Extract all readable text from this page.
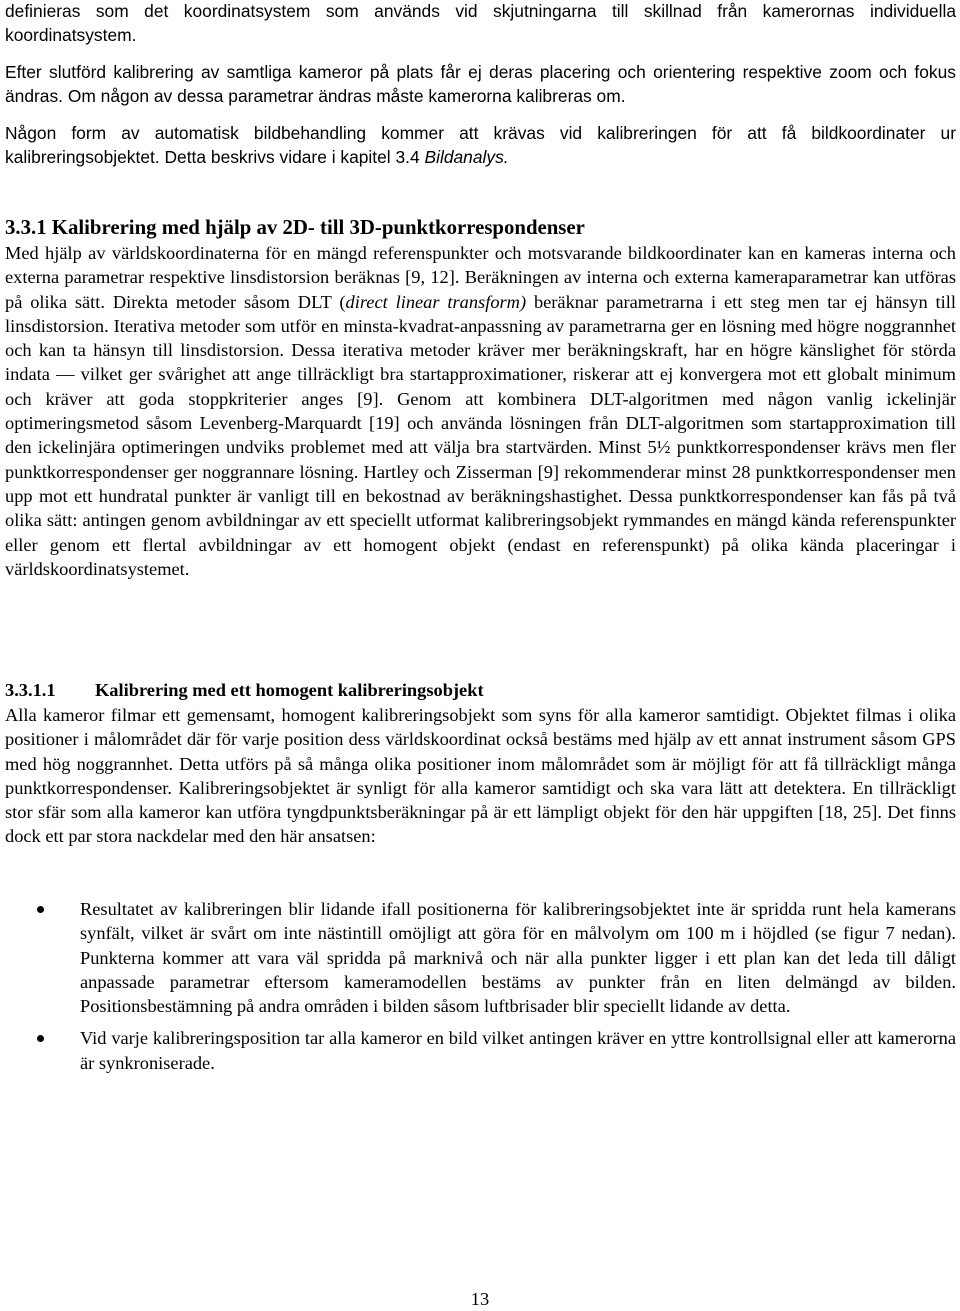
definieras som det koordinatsystem som används vid skjutningarna till skillnad från kamerornas individuella koordinatsystem.

Efter slutförd kalibrering av samtliga kameror på plats får ej deras placering och orientering respektive zoom och fokus ändras. Om någon av dessa parametrar ändras måste kamerorna kalibreras om.

Någon form av automatisk bildbehandling kommer att krävas vid kalibreringen för att få bildkoordinater ur kalibreringsobjektet. Detta beskrivs vidare i kapitel 3.4 Bildanalys.

3.3.1 Kalibrering med hjälp av 2D- till 3D-punktkorrespondenser

Med hjälp av världskoordinaterna för en mängd referenspunkter och motsvarande bildkoordinater kan en kameras interna och externa parametrar respektive linsdistorsion beräknas [9, 12]. Beräkningen av interna och externa kameraparametrar kan utföras på olika sätt. Direkta metoder såsom DLT (direct linear transform) beräknar parametrarna i ett steg men tar ej hänsyn till linsdistorsion. Iterativa metoder som utför en minsta-kvadrat-anpassning av parametrarna ger en lösning med högre noggrannhet och kan ta hänsyn till linsdistorsion. Dessa iterativa metoder kräver mer beräkningskraft, har en högre känslighet för störda indata — vilket ger svårighet att ange tillräckligt bra startapproximationer, riskerar att ej konvergera mot ett globalt minimum och kräver att goda stoppkriterier anges [9]. Genom att kombinera DLT-algoritmen med någon vanlig ickelinjär optimeringsmetod såsom Levenberg-Marquardt [19] och använda lösningen från DLT-algoritmen som startapproximation till den ickelinjära optimeringen undviks problemet med att välja bra startvärden. Minst 5½ punktkorrespondenser krävs men fler punktkorrespondenser ger noggrannare lösning. Hartley och Zisserman [9] rekommenderar minst 28 punktkorrespondenser men upp mot ett hundratal punkter är vanligt till en bekostnad av beräkningshastighet. Dessa punktkorrespondenser kan fås på två olika sätt: antingen genom avbildningar av ett speciellt utformat kalibreringsobjekt rymmandes en mängd kända referenspunkter eller genom ett flertal avbildningar av ett homogent objekt (endast en referenspunkt) på olika kända placeringar i världskoordinatsystemet.

3.3.1.1 Kalibrering med ett homogent kalibreringsobjekt

Alla kameror filmar ett gemensamt, homogent kalibreringsobjekt som syns för alla kameror samtidigt. Objektet filmas i olika positioner i målområdet där för varje position dess världskoordinat också bestäms med hjälp av ett annat instrument såsom GPS med hög noggrannhet. Detta utförs på så många olika positioner inom målområdet som är möjligt för att få tillräckligt många punktkorrespondenser. Kalibreringsobjektet är synligt för alla kameror samtidigt och ska vara lätt att detektera. En tillräckligt stor sfär som alla kameror kan utföra tyngdpunktsberäkningar på är ett lämpligt objekt för den här uppgiften [18, 25]. Det finns dock ett par stora nackdelar med den här ansatsen:

Resultatet av kalibreringen blir lidande ifall positionerna för kalibreringsobjektet inte är spridda runt hela kamerans synfält, vilket är svårt om inte nästintill omöjligt att göra för en målvolym om 100 m i höjdled (se figur 7 nedan). Punkterna kommer att vara väl spridda på marknivå och när alla punkter ligger i ett plan kan det leda till dåligt anpassade parametrar eftersom kameramodellen bestäms av punkter från en liten delmängd av bilden. Positionsbestämning på andra områden i bilden såsom luftbrisader blir speciellt lidande av detta.

Vid varje kalibreringsposition tar alla kameror en bild vilket antingen kräver en yttre kontrollsignal eller att kamerorna är synkroniserade.

13
